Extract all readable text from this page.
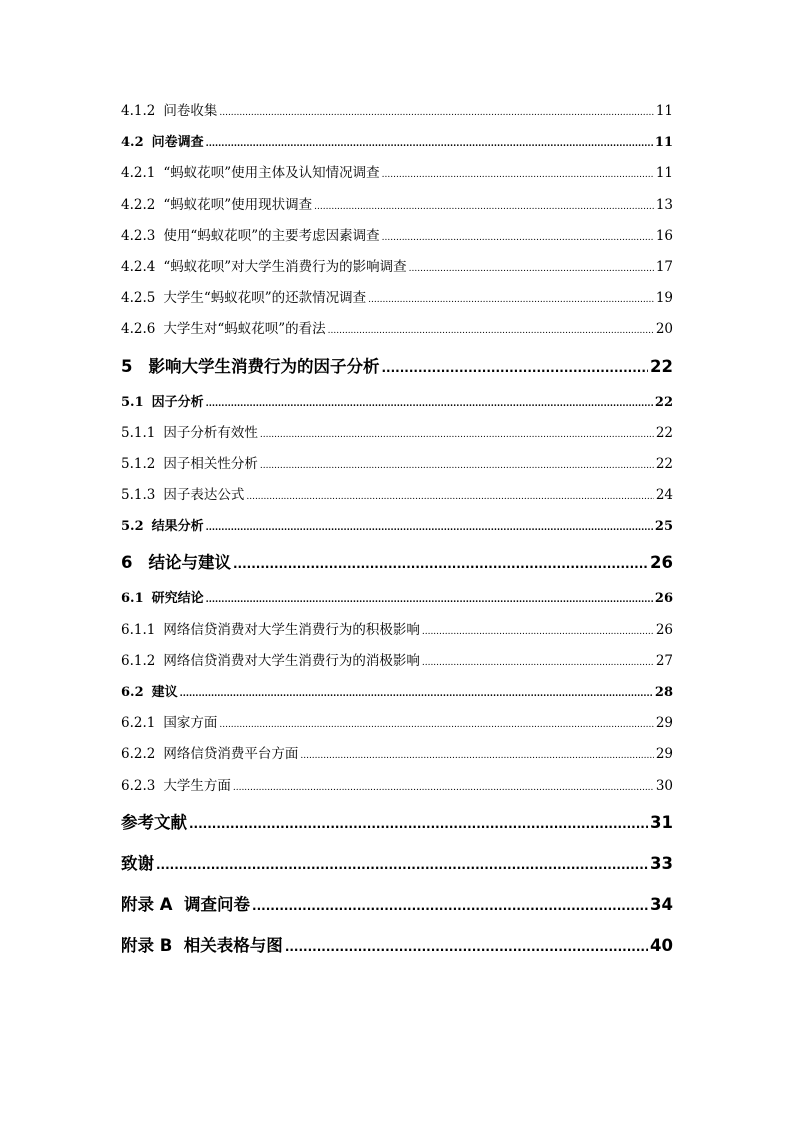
4.1.2 问卷收集 .....	11
4.2 问卷调查 .....	11
4.2.1 “蚂蚁花呗”使用主体及认知情况调查 .....	11
4.2.2 “蚂蚁花呗”使用现状调查 .....	13
4.2.3 使用“蚂蚁花呗”的主要考虑因素调查 .....	16
4.2.4 “蚂蚁花呗”对大学生消费行为的影响调查 .....	17
4.2.5 大学生“蚂蚁花呗”的还款情况调查 .....	19
4.2.6 大学生对“蚂蚁花呗”的看法 .....	20
5 影响大学生消费行为的因子分析 .....	22
5.1 因子分析 .....	22
5.1.1 因子分析有效性 .....	22
5.1.2 因子相关性分析 .....	22
5.1.3 因子表达公式 .....	24
5.2 结果分析 .....	25
6 结论与建议 .....	26
6.1 研究结论 .....	26
6.1.1 网络信贷消费对大学生消费行为的积极影响 .....	26
6.1.2 网络信贷消费对大学生消费行为的消极影响 .....	27
6.2 建议 .....	28
6.2.1 国家方面 .....	29
6.2.2 网络信贷消费平台方面 .....	29
6.2.3 大学生方面 .....	30
参考文献 .....	31
致谢 .....	33
附录 A  调查问卷 .....	34
附录 B  相关表格与图 .....	40
